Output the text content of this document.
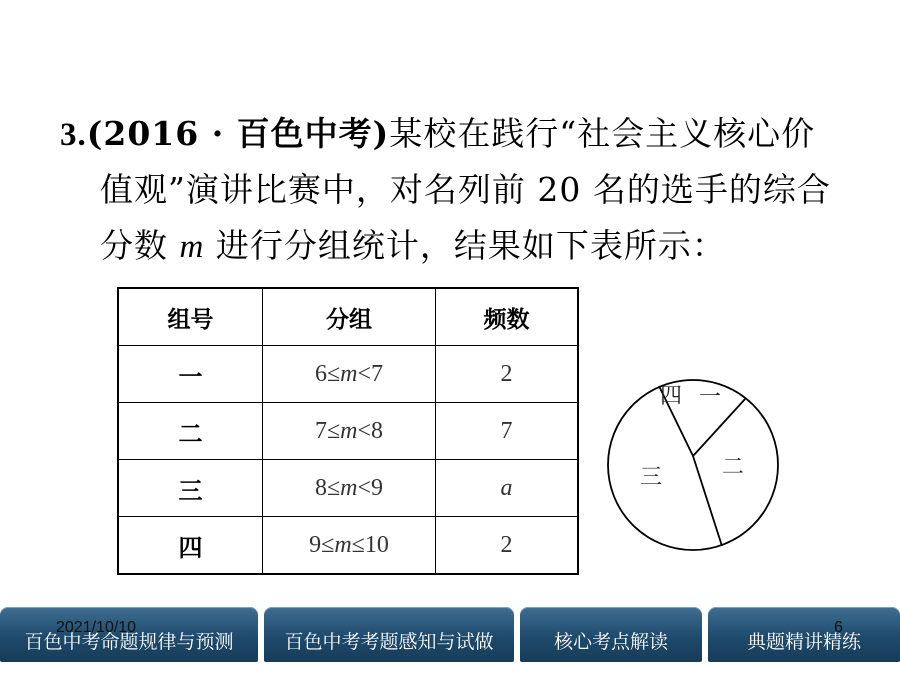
3.(2016 · 百色中考)某校在践行“社会主义核心价
值观”演讲比赛中，对名列前 20 名的选手的综合
分数 m 进行分组统计，结果如下表所示：
组号	分组	频数
一	6≤m<7	2
二	7≤m<8	7
三	8≤m<9	a
四	9≤m≤10	2
四 一
二
三
百色中考命题规律与预测	百色中考考题感知与试做	核心考点解读	典题精讲精练
2021/10/10	6
